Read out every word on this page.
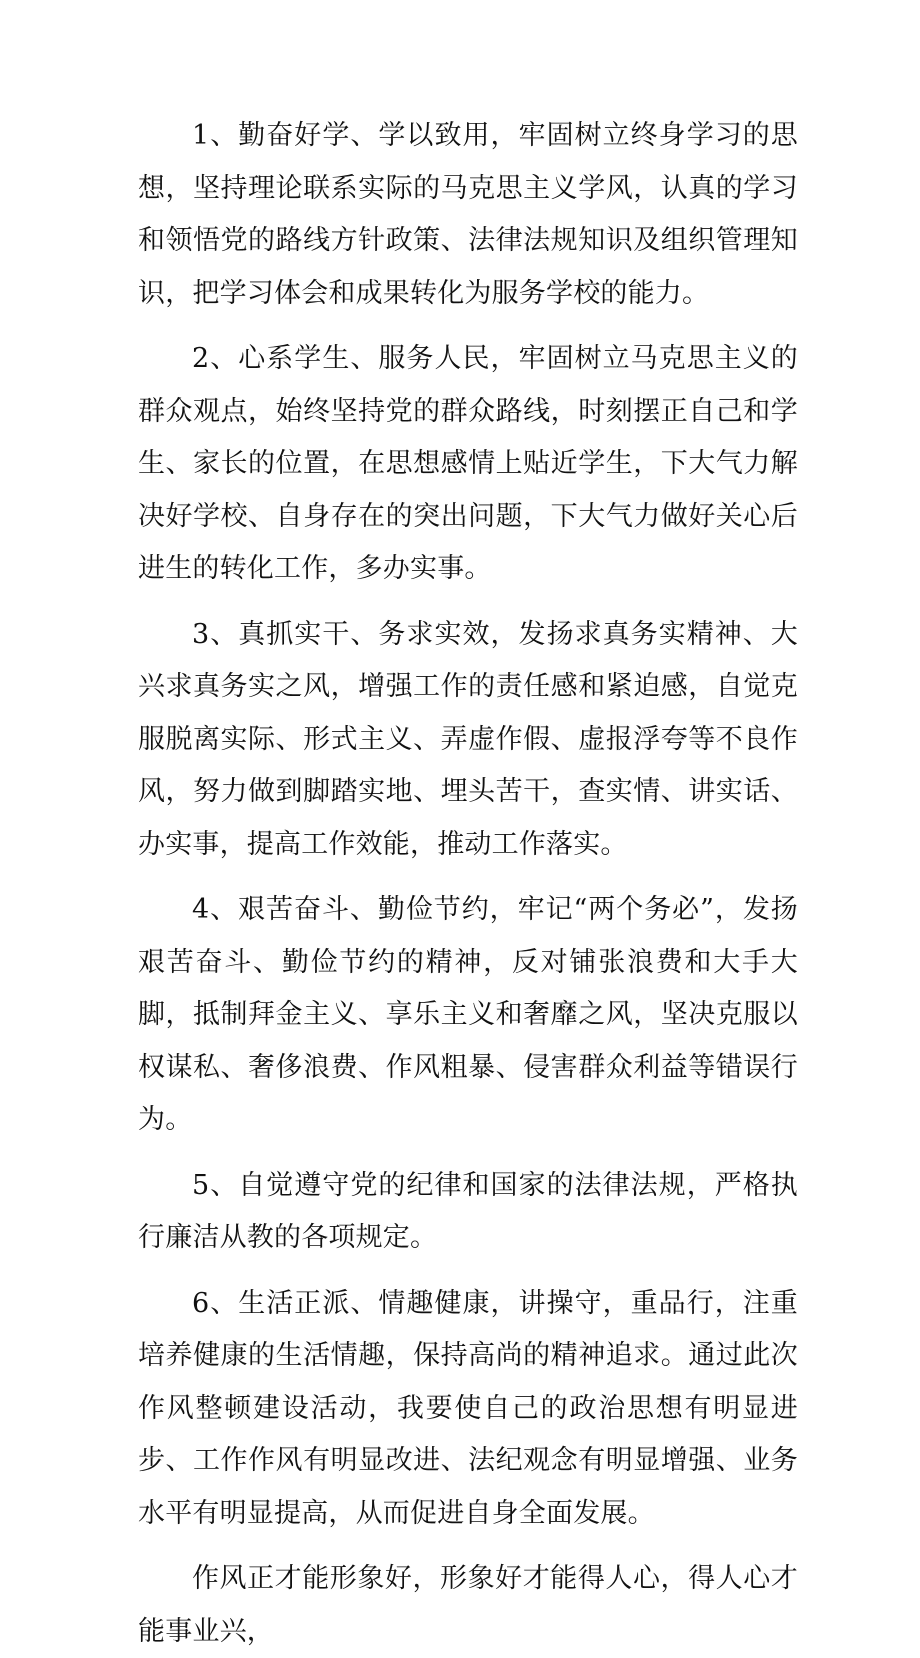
1、勤奋好学、学以致用，牢固树立终身学习的思想，坚持理论联系实际的马克思主义学风，认真的学习和领悟党的路线方针政策、法律法规知识及组织管理知识，把学习体会和成果转化为服务学校的能力。

2、心系学生、服务人民，牢固树立马克思主义的群众观点，始终坚持党的群众路线，时刻摆正自己和学生、家长的位置，在思想感情上贴近学生，下大气力解决好学校、自身存在的突出问题，下大气力做好关心后进生的转化工作，多办实事。

3、真抓实干、务求实效，发扬求真务实精神、大兴求真务实之风，增强工作的责任感和紧迫感，自觉克服脱离实际、形式主义、弄虚作假、虚报浮夸等不良作风，努力做到脚踏实地、埋头苦干，查实情、讲实话、办实事，提高工作效能，推动工作落实。

4、艰苦奋斗、勤俭节约，牢记“两个务必”，发扬艰苦奋斗、勤俭节约的精神，反对铺张浪费和大手大脚，抵制拜金主义、享乐主义和奢靡之风，坚决克服以权谋私、奢侈浪费、作风粗暴、侵害群众利益等错误行为。

5、自觉遵守党的纪律和国家的法律法规，严格执行廉洁从教的各项规定。

6、生活正派、情趣健康，讲操守，重品行，注重培养健康的生活情趣，保持高尚的精神追求。通过此次作风整顿建设活动，我要使自己的政治思想有明显进步、工作作风有明显改进、法纪观念有明显增强、业务水平有明显提高，从而促进自身全面发展。

作风正才能形象好，形象好才能得人心，得人心才能事业兴，
